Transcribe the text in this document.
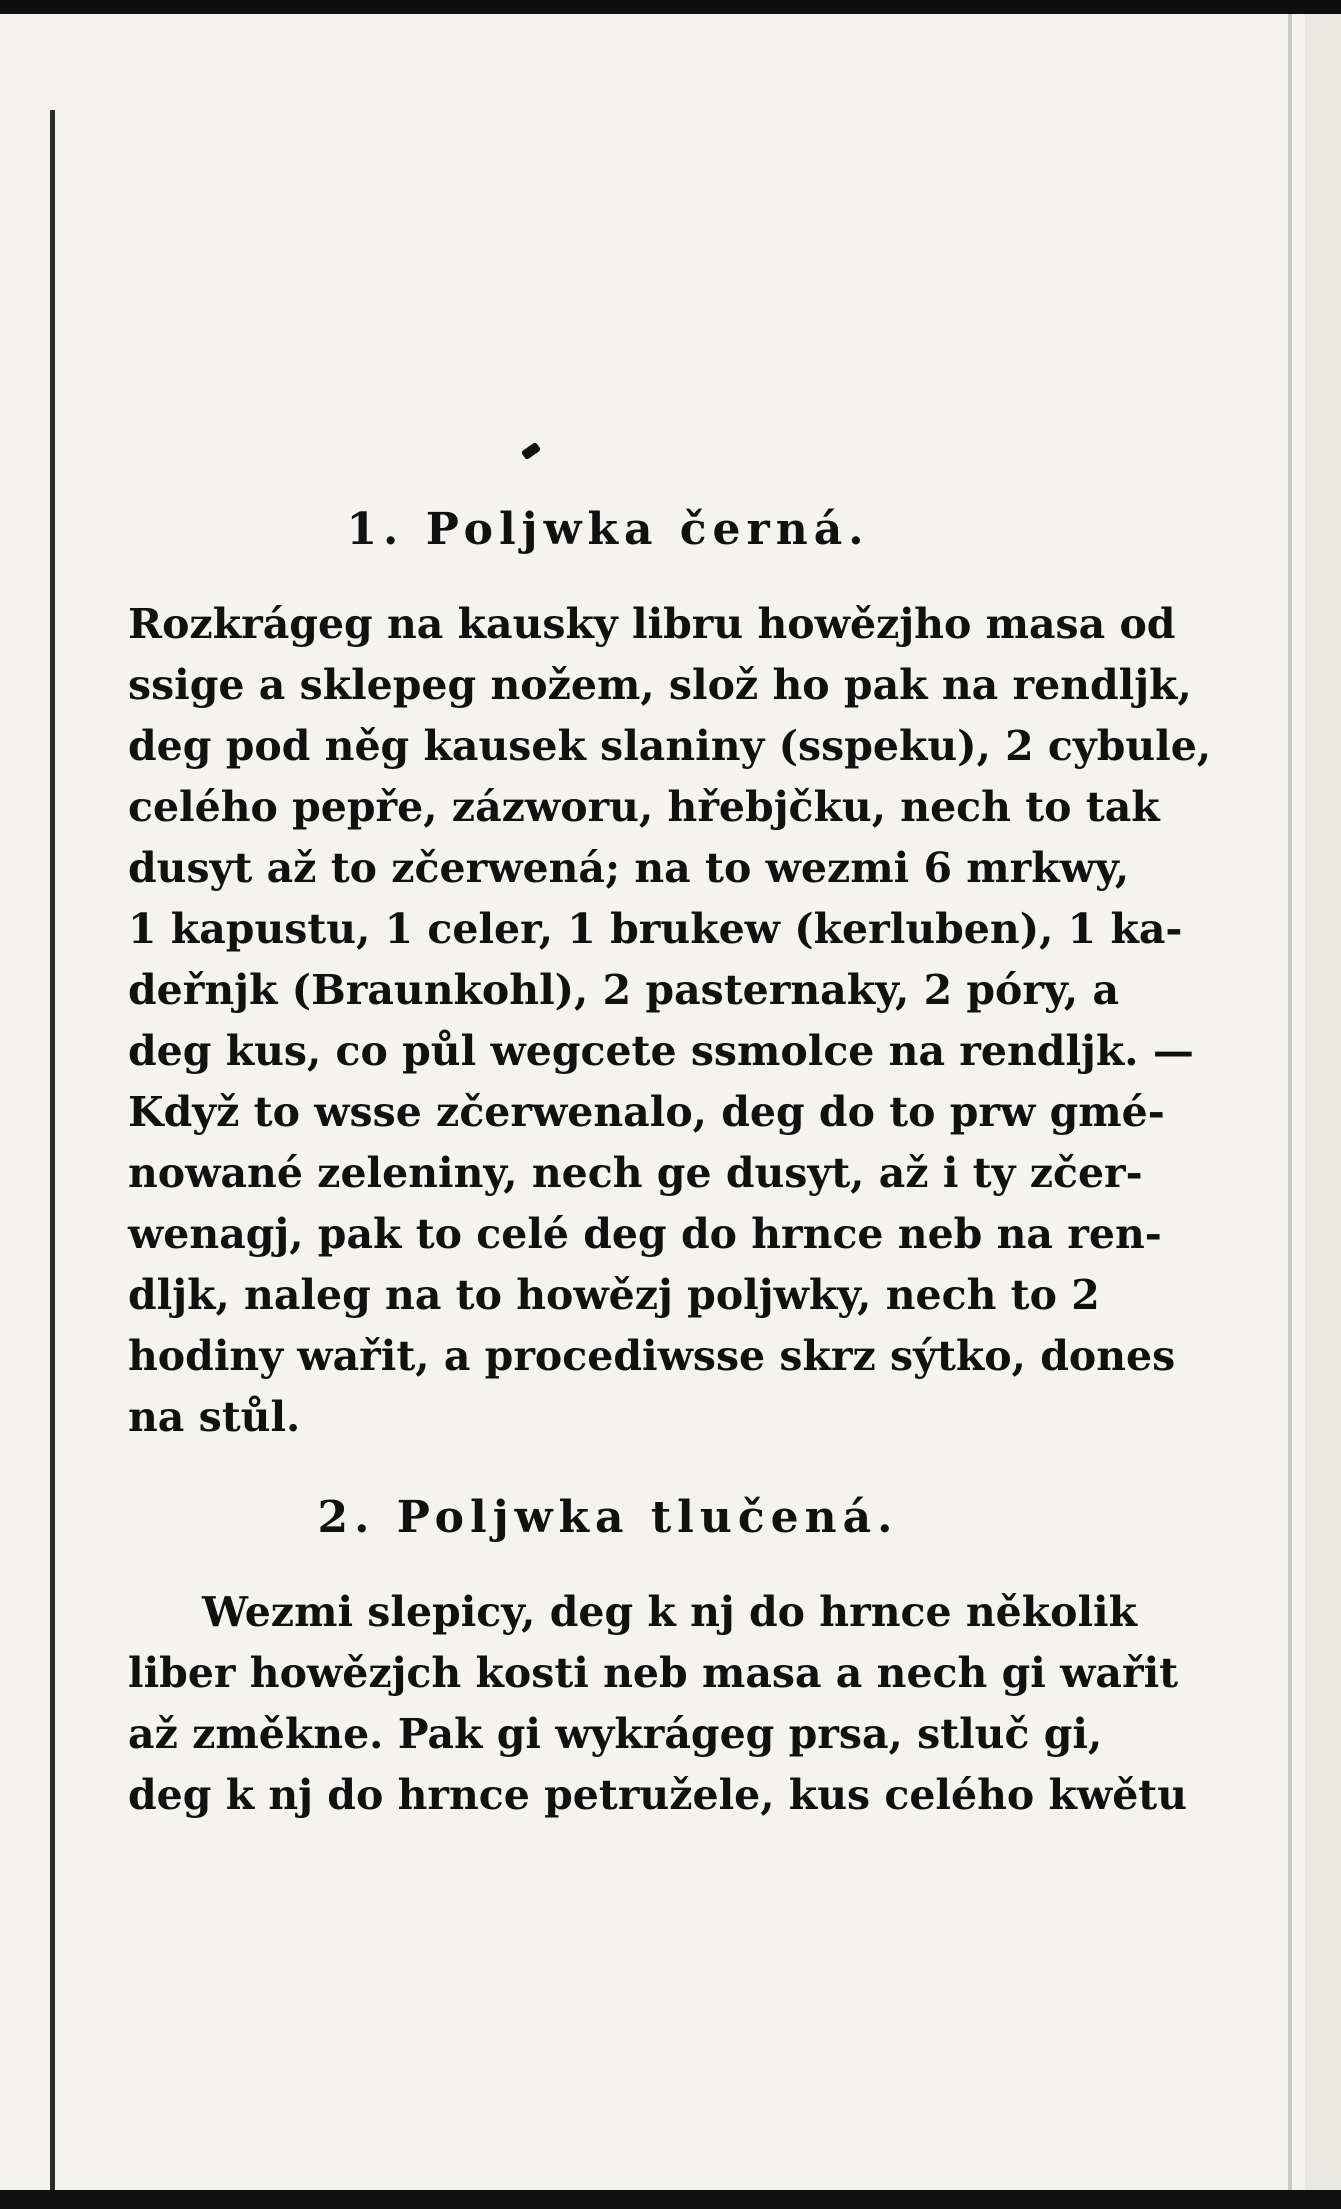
1. Poljwka černá.
Rozkrágeg na kausky libru howězjho masa od
ssige a sklepeg nožem, slož ho pak na rendljk,
deg pod něg kausek slaniny (sspeku), 2 cybule,
celého pepře, zázworu, hřebjčku, nech to tak
dusyt až to zčerwená; na to wezmi 6 mrkwy,
1 kapustu, 1 celer, 1 brukew (kerluben), 1 ka-
deřnjk (Braunkohl), 2 pasternaky, 2 póry, a
deg kus, co půl wegcete ssmolce na rendljk. —
Když to wsse zčerwenalo, deg do to prw gmé-
nowané zeleniny, nech ge dusyt, až i ty zčer-
wenagj, pak to celé deg do hrnce neb na ren-
dljk, naleg na to howězj poljwky, nech to 2
hodiny wařit, a procediwsse skrz sýtko, dones
na stůl.
2. Poljwka tlučená.
Wezmi slepicy, deg k nj do hrnce několik
liber howězjch kosti neb masa a nech gi wařit
až změkne. Pak gi wykrágeg prsa, stluč gi,
deg k nj do hrnce petružele, kus celého kwětu
